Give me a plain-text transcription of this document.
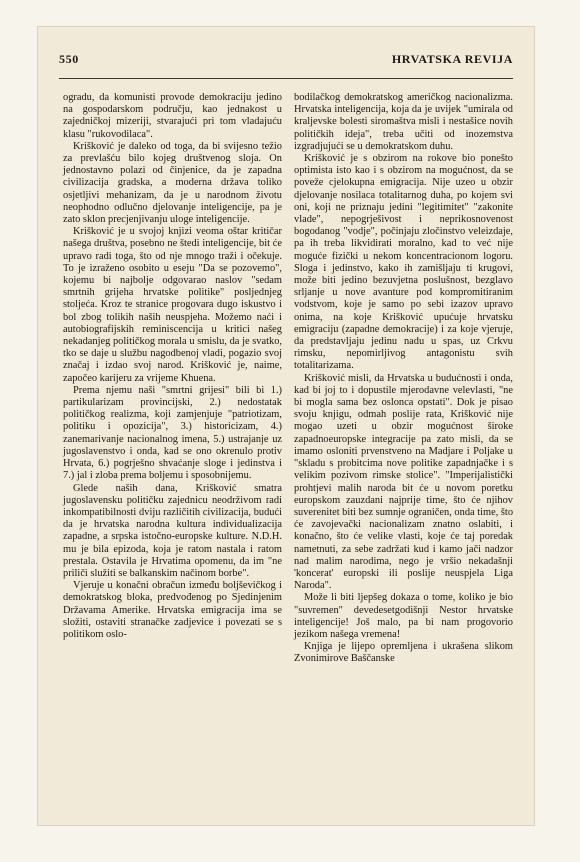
550	HRVATSKA REVIJA

ogradu, da komunisti provode demokraciju jedino na gospodarskom području, kao jednakost u zajedničkoj mizeriji, stvarajući pri tom vladajuću klasu "rukovodilaca".

Krišković je daleko od toga, da bi svijesno težio za prevlašću bilo kojeg društvenog sloja. On jednostavno polazi od činjenice, da je zapadna civilizacija gradska, a moderna država toliko osjetljivi mehanizam, da je u narodnom životu neophodno odlučno djelovanje inteligencije, pa je zato sklon precjenjivanju uloge inteligencije.

Krišković je u svojoj knjizi veoma oštar kritičar našega društva, posebno ne štedi inteligencije, bit će upravo radi toga, što od nje mnogo traži i očekuje. To je izraženo osobito u eseju "Da se pozovemo", kojemu bi najbolje odgovarao naslov "sedam smrtnih grijeha hrvatske politike" posljednjeg stoljeća. Kroz te stranice progovara dugo iskustvo i bol zbog tolikih naših neuspjeha. Možemo naći i autobiografijskih reminiscencija u kritici našeg nekadanjeg političkog morala u smislu, da je svatko, tko se daje u službu nagodbenoj vladi, pogazio svoj značaj i izdao svoj narod. Krišković je, naime, započeo karijeru za vrijeme Khuena.

Prema njemu naši "smrtni grijesi" bili bi 1.) partikularizam provincijski, 2.) nedostatak političkog realizma, koji zamjenjuje "patriotizam, politiku i opozicija", 3.) historicizam, 4.) zanemarivanje nacionalnog imena, 5.) ustrajanje uz jugoslavenstvo i onda, kad se ono okrenulo protiv Hrvata, 6.) pogrješno shvaćanje sloge i jedinstva i 7.) jal i zloba prema boljemu i sposobnijemu.

Glede naših dana, Krišković smatra jugoslavensku političku zajednicu neodrživom radi inkompatibilnosti dviju različitih civilizacija, budući da je hrvatska narodna kultura individualizacija zapadne, a srpska istočno-europske kulture. N.D.H. mu je bila epizoda, koja je ratom nastala i ratom prestala. Ostavila je Hrvatima opomenu, da im "ne priliči služiti se balkanskim načinom borbe".

Vjeruje u konačni obračun između boljševičkog i demokratskog bloka, predvođenog po Sjedinjenim Državama Amerike. Hrvatska emigracija ima se složiti, ostaviti stranačke zadjevice i povezati se s politikom oslo-

bodilačkog demokratskog američkog nacionalizma. Hrvatska inteligencija, koja da je uvijek "umirala od kraljevske bolesti siromaštva misli i nestašice novih političkih ideja", treba učiti od inozemstva izgradjujući se u demokratskom duhu.

Krišković je s obzirom na rokove bio ponešto optimista isto kao i s obzirom na mogućnost, da se poveže cjelokupna emigracija. Nije uzeo u obzir djelovanje nosilaca totalitarnog duha, po kojem svi oni, koji ne priznaju jedini "legitimitet" "zakonite vlade", nepogrješivost i neprikosnovenost bogodanog "vodje", počinjaju zločinstvo veleizdaje, pa ih treba likvidirati moralno, kad to već nije moguće fizički u nekom koncentracionom logoru. Sloga i jedinstvo, kako ih zamišljaju ti krugovi, može biti jedino bezuvjetna poslušnost, bezglavo srljanje u nove avanture pod kompromitiranim vodstvom, koje je samo po sebi izazov upravo onima, na koje Krišković upućuje hrvatsku emigraciju (zapadne demokracije) i za koje vjeruje, da predstavljaju jedinu nadu u spas, uz Crkvu rimsku, nepomirljivog antagonistu svih totalitarizama.

Krišković misli, da Hrvatska u budućnosti i onda, kad bi joj to i dopustile mjerodavne velevlasti, "ne bi mogla sama bez oslonca opstati". Dok je pisao svoju knjigu, odmah poslije rata, Krišković nije mogao uzeti u obzir mogućnost široke zapadnoeuropske integracije pa zato misli, da se imamo osloniti prvenstveno na Madjare i Poljake u "skladu s probitcima nove politike zapadnjačke i s velikim pozivom rimske stolice". "Imperijalistički prohtjevi malih naroda bit će u novom poretku europskom zauzdani najprije time, što će njihov suverenitet biti bez sumnje ograničen, onda time, što će zavojevački nacionalizam znatno oslabiti, i konačno, što će velike vlasti, koje će taj poredak nametnuti, za sebe zadržati kud i kamo jači nadzor nad malim narodima, nego je vršio nekadašnji 'koncerat' europski ili poslije neuspjela Liga Naroda".

Može li biti ljepšeg dokaza o tome, koliko je bio "suvremen" devedesetgodišnji Nestor hrvatske inteligencije! Još malo, pa bi nam progovorio jezikom našega vremena!

Knjiga je lijepo opremljena i ukrašena slikom Zvonimirove Baščanske
